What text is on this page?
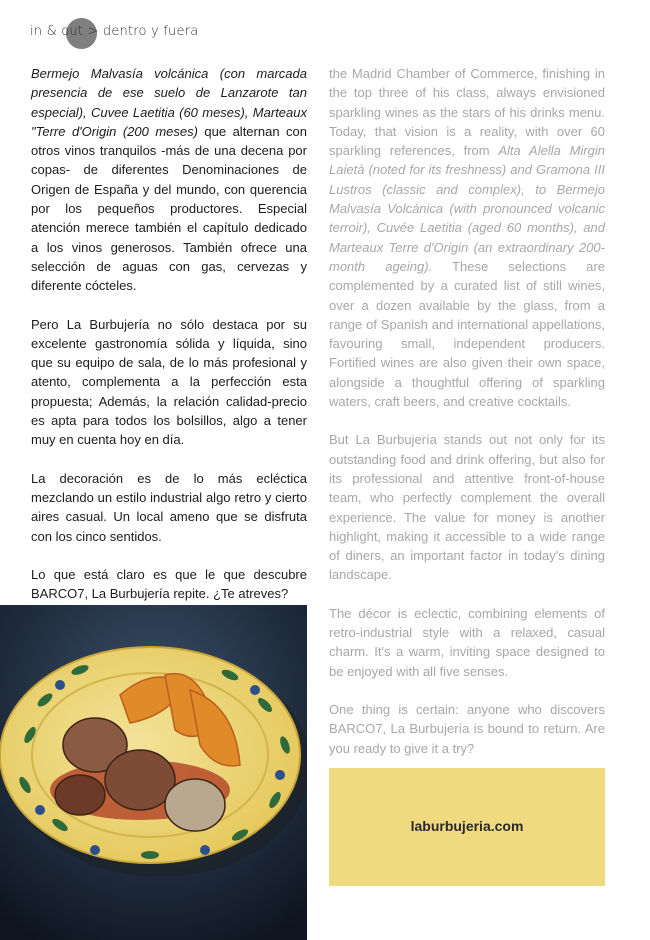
in & out > dentro y fuera

Bermejo Malvasía volcánica (con marcada presencia de ese suelo de Lanzarote tan especial), Cuvee Laetitia (60 meses), Marteaux "Terre d'Origin (200 meses) que alternan con otros vinos tranquilos -más de una decena por copas- de diferentes Denominaciones de Origen de España y del mundo, con querencia por los pequeños productores. Especial atención merece también el capítulo dedicado a los vinos generosos. También ofrece una selección de aguas con gas, cervezas y diferente cócteles.

Pero La Burbujería no sólo destaca por su excelente gastronomía sólida y líquida, sino que su equipo de sala, de lo más profesional y atento, complementa a la perfección esta propuesta; Además, la relación calidad-precio es apta para todos los bolsillos, algo a tener muy en cuenta hoy en día.

La decoración es de lo más ecléctica mezclando un estilo industrial algo retro y cierto aires casual. Un local ameno que se disfruta con los cinco sentidos.

Lo que está claro es que le que descubre BARCO7, La Burbujería repite. ¿Te atreves?

the Madrid Chamber of Commerce, finishing in the top three of his class, always envisioned sparkling wines as the stars of his drinks menu. Today, that vision is a reality, with over 60 sparkling references, from Alta Alella Mirgin Laietà (noted for its freshness) and Gramona III Lustros (classic and complex), to Bermejo Malvasía Volcánica (with pronounced volcanic terroir), Cuvée Laetitia (aged 60 months), and Marteaux Terre d'Origin (an extraordinary 200-month ageing). These selections are complemented by a curated list of still wines, over a dozen available by the glass, from a range of Spanish and international appellations, favouring small, independent producers. Fortified wines are also given their own space, alongside a thoughtful offering of sparkling waters, craft beers, and creative cocktails.

But La Burbujería stands out not only for its outstanding food and drink offering, but also for its professional and attentive front-of-house team, who perfectly complement the overall experience. The value for money is another highlight, making it accessible to a wide range of diners, an important factor in today's dining landscape.

The décor is eclectic, combining elements of retro-industrial style with a relaxed, casual charm. It's a warm, inviting space designed to be enjoyed with all five senses.

One thing is certain: anyone who discovers BARCO7, La Burbujería is bound to return. Are you ready to give it a try?

laburbujeria.com
